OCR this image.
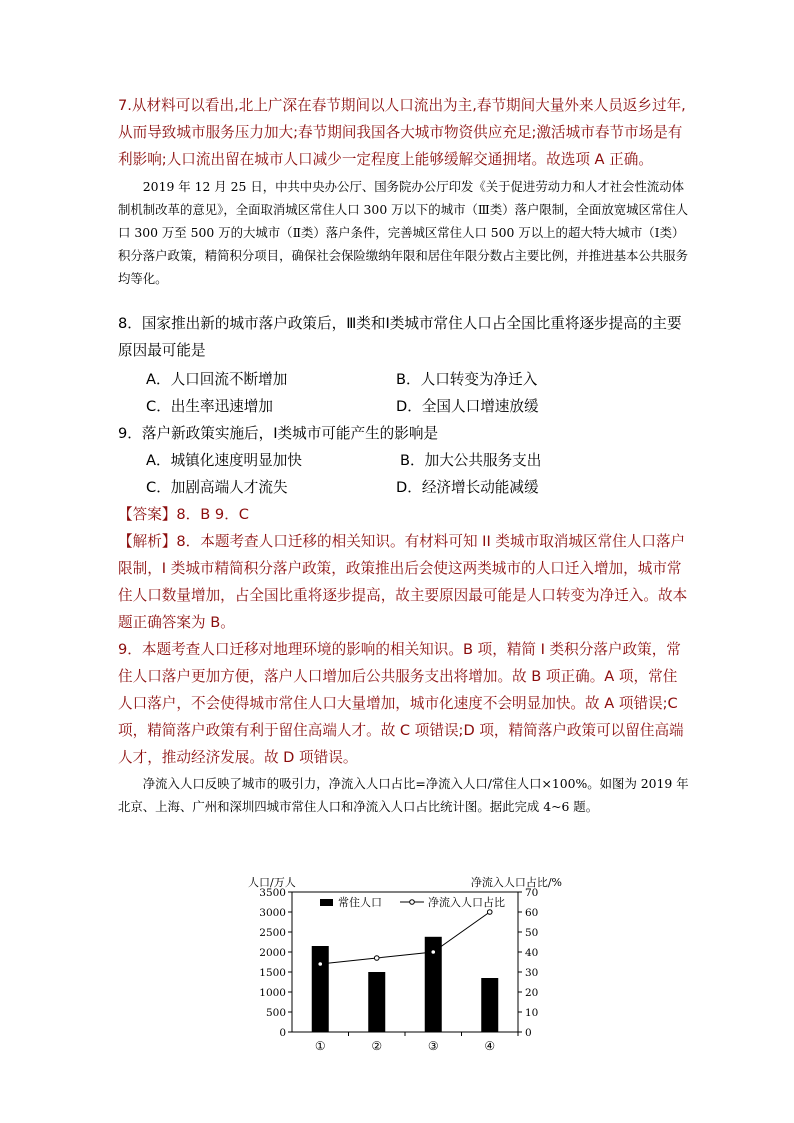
7.从材料可以看出,北上广深在春节期间以人口流出为主,春节期间大量外来人员返乡过年,从而导致城市服务压力加大;春节期间我国各大城市物资供应充足;激活城市春节市场是有利影响;人口流出留在城市人口减少一定程度上能够缓解交通拥堵。故选项 A 正确。

2019 年 12 月 25 日，中共中央办公厅、国务院办公厅印发《关于促进劳动力和人才社会性流动体制机制改革的意见》，全面取消城区常住人口 300 万以下的城市（Ⅲ类）落户限制，全面放宽城区常住人口 300 万至 500 万的大城市（Ⅱ类）落户条件，完善城区常住人口 500 万以上的超大特大城市（Ⅰ类）积分落户政策，精简积分项目，确保社会保险缴纳年限和居住年限分数占主要比例，并推进基本公共服务均等化。

8．国家推出新的城市落户政策后，Ⅲ类和Ⅰ类城市常住人口占全国比重将逐步提高的主要原因最可能是

A．人口回流不断增加	B．人口转变为净迁入
C．出生率迅速增加	D．全国人口增速放缓

9．落户新政策实施后，Ⅰ类城市可能产生的影响是

A．城镇化速度明显加快	B．加大公共服务支出
C．加剧高端人才流失	D．经济增长动能减缓

【答案】8．B 9．C

【解析】8．本题考查人口迁移的相关知识。有材料可知 II 类城市取消城区常住人口落户限制，I 类城市精简积分落户政策，政策推出后会使这两类城市的人口迁入增加，城市常住人口数量增加，占全国比重将逐步提高，故主要原因最可能是人口转变为净迁入。故本题正确答案为 B。

9．本题考查人口迁移对地理环境的影响的相关知识。B 项，精简 I 类积分落户政策，常住人口落户更加方便，落户人口增加后公共服务支出将增加。故 B 项正确。A 项，常住人口落户，不会使得城市常住人口大量增加，城市化速度不会明显加快。故 A 项错误;C 项，精简落户政策有利于留住高端人才。故 C 项错误;D 项，精简落户政策可以留住高端人才，推动经济发展。故 D 项错误。

净流入人口反映了城市的吸引力，净流入人口占比=净流入人口/常住人口×100%。如图为 2019 年北京、上海、广州和深圳四城市常住人口和净流入人口占比统计图。据此完成 4~6 题。

人口/万人	净流入人口占比/%
常住人口	净流入人口占比
0
500
1000
1500
2000
2500
3000
3500
0
10
20
30
40
50
60
70
①	②	③	④
